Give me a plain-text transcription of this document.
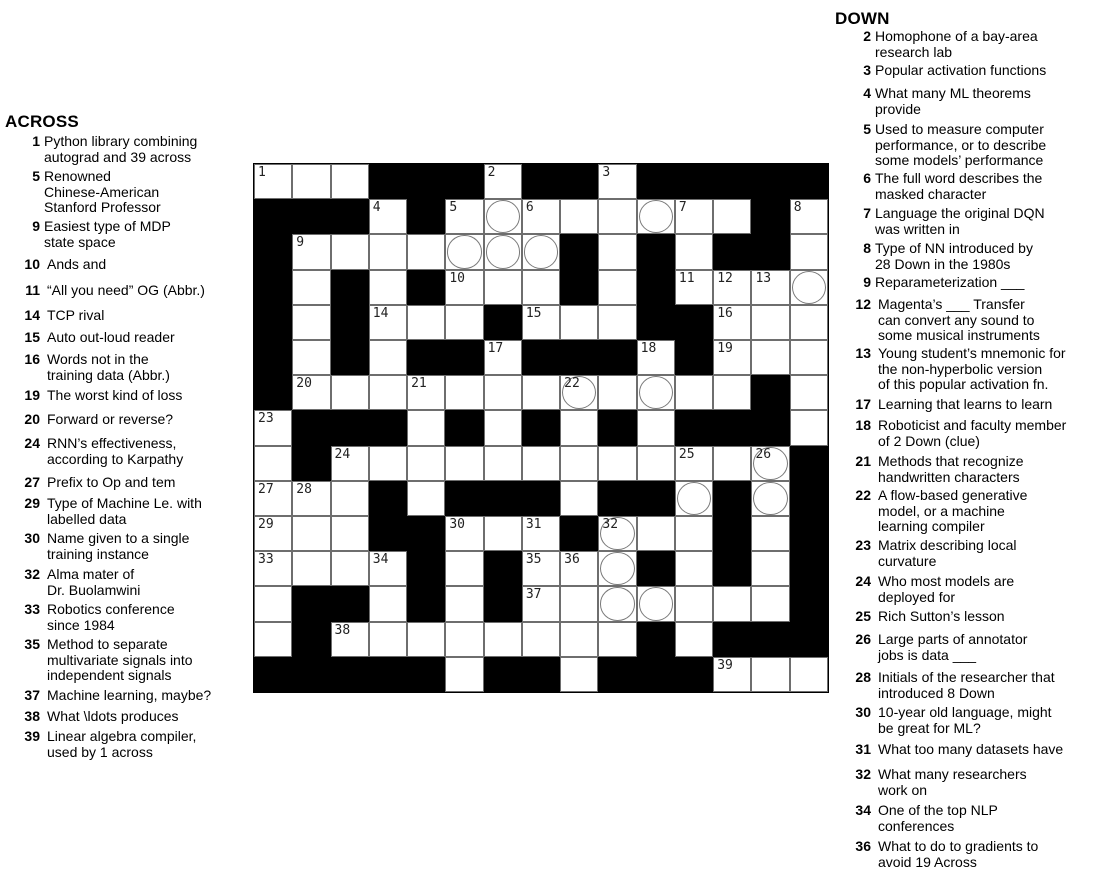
ACROSS
1 Python library combining
autograd and 39 across
5 Renowned
Chinese-American
Stanford Professor
9 Easiest type of MDP
state space
10 Ands and
11 “All you need” OG (Abbr.)
14 TCP rival
15 Auto out-loud reader
16 Words not in the
training data (Abbr.)
19 The worst kind of loss
20 Forward or reverse?
24 RNN’s effectiveness,
according to Karpathy
27 Prefix to Op and tem
29 Type of Machine Le. with
labelled data
30 Name given to a single
training instance
32 Alma mater of
Dr. Buolamwini
33 Robotics conference
since 1984
35 Method to separate
multivariate signals into
independent signals
37 Machine learning, maybe?
38 What \ldots produces
39 Linear algebra compiler,
used by 1 across
DOWN
2 Homophone of a bay-area
research lab
3 Popular activation functions
4 What many ML theorems
provide
5 Used to measure computer
performance, or to describe
some models’ performance
6 The full word describes the
masked character
7 Language the original DQN
was written in
8 Type of NN introduced by
28 Down in the 1980s
9 Reparameterization ___
12 Magenta’s ___ Transfer
can convert any sound to
some musical instruments
13 Young student’s mnemonic for
the non-hyperbolic version
of this popular activation fn.
17 Learning that learns to learn
18 Roboticist and faculty member
of 2 Down (clue)
21 Methods that recognize
handwritten characters
22 A flow-based generative
model, or a machine
learning compiler
23 Matrix describing local
curvature
24 Who most models are
deployed for
25 Rich Sutton’s lesson
26 Large parts of annotator
jobs is data ___
28 Initials of the researcher that
introduced 8 Down
30 10-year old language, might
be great for ML?
31 What too many datasets have
32 What many researchers
work on
34 One of the top NLP
conferences
36 What to do to gradients to
avoid 19 Across
1	2	3
4	5	6	7	8
9
10	11 12 13
14	15	16
17	18	19
20	21	22
23
24	25	26
27 28
29	30	31	32
33	34	35 36
37
38
39
